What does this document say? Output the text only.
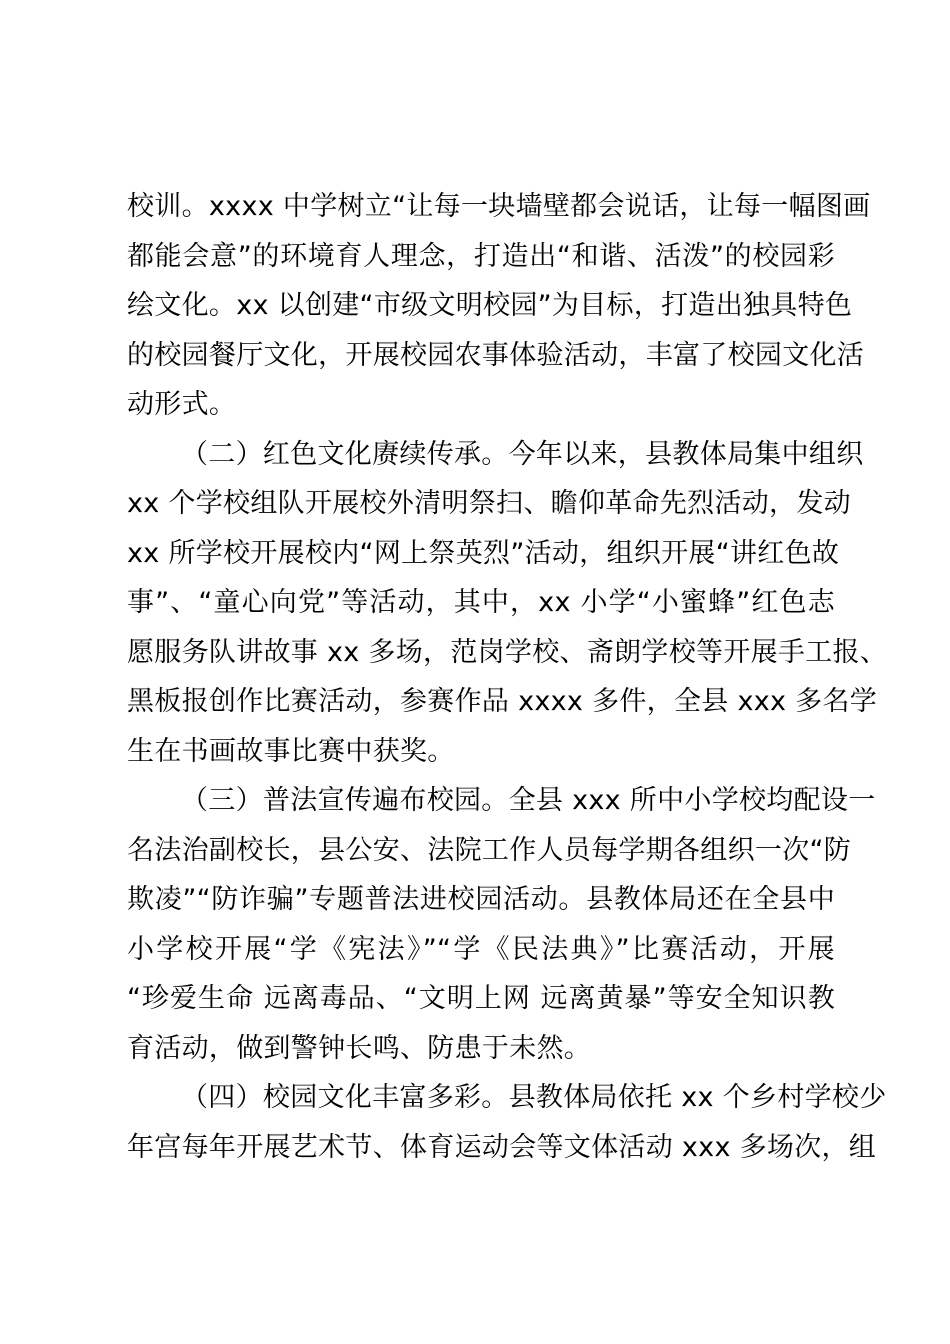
校训。xxxx 中学树立“让每一块墙壁都会说话，让每一幅图画
都能会意”的环境育人理念，打造出“和谐、活泼”的校园彩
绘文化。xx 以创建“市级文明校园”为目标，打造出独具特色
的校园餐厅文化，开展校园农事体验活动，丰富了校园文化活
动形式。
（二）红色文化赓续传承。今年以来，县教体局集中组织
xx 个学校组队开展校外清明祭扫、瞻仰革命先烈活动，发动
xx 所学校开展校内“网上祭英烈”活动，组织开展“讲红色故
事”、“童心向党”等活动，其中，xx 小学“小蜜蜂”红色志
愿服务队讲故事 xx 多场，范岗学校、斋朗学校等开展手工报、
黑板报创作比赛活动，参赛作品 xxxx 多件，全县 xxx 多名学
生在书画故事比赛中获奖。
（三）普法宣传遍布校园。全县 xxx 所中小学校均配设一
名法治副校长，县公安、法院工作人员每学期各组织一次“防
欺凌”“防诈骗”专题普法进校园活动。县教体局还在全县中
小学校开展“学《宪法》”“学《民法典》”比赛活动，开展
“珍爱生命 远离毒品、“文明上网 远离黄暴”等安全知识教
育活动，做到警钟长鸣、防患于未然。
（四）校园文化丰富多彩。县教体局依托 xx 个乡村学校少
年宫每年开展艺术节、体育运动会等文体活动 xxx 多场次，组
